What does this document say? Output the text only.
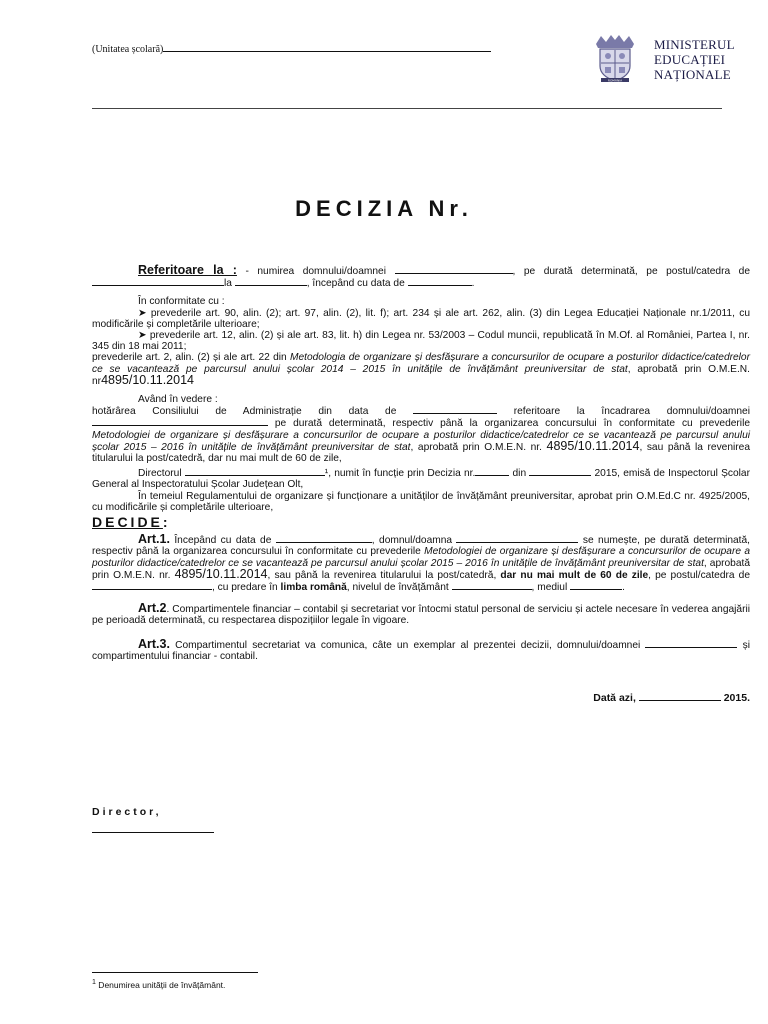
(Unitatea școlară)
ROMÂNIA
MINISTERUL
EDUCAȚIEI
NAȚIONALE
DECIZIA Nr.

Referitoare la : - numirea domnului/doamnei	, pe durată determinată, pe postul/catedra de la	, începând cu data de	.

În conformitate cu :

➤ prevederile art. 90, alin. (2); art. 97, alin. (2), lit. f); art. 234 și ale art. 262, alin. (3) din Legea Educației Naționale nr.1/2011, cu modificările și completările ulterioare;

➤ prevederile art. 12, alin. (2) și ale art. 83, lit. h) din Legea nr. 53/2003 – Codul muncii, republicată în M.Of. al României, Partea I, nr. 345 din 18 mai 2011;

prevederile art. 2, alin. (2) și ale art. 22 din Metodologia de organizare și desfășurare a concursurilor de ocupare a posturilor didactice/catedrelor ce se vacantează pe parcursul anului școlar 2014 – 2015 în unitățile de învățământ preuniversitar de stat, aprobată prin O.M.E.N. nr4895/10.11.2014

Având în vedere :

hotărârea Consiliului de Administrație din data de	referitoare la încadrarea domnului/doamnei  pe durată determinată, respectiv până la organizarea concursului în conformitate cu prevederile Metodologiei de organizare și desfășurare a concursurilor de ocupare a posturilor didactice/catedrelor ce se vacantează pe parcursul anului școlar 2015 – 2016 în unitățile de învățământ preuniversitar de stat, aprobată prin O.M.E.N. nr. 4895/10.11.2014, sau până la revenirea titularului la post/catedră, dar nu mai mult de 60 de zile,

Directorul	¹, numit în funcție prin Decizia nr.	din	2015, emisă de Inspectorul Școlar General al Inspectoratului Școlar Județean Olt,

În temeiul Regulamentului de organizare și funcționare a unităților de învățământ preuniversitar, aprobat prin O.M.Ed.C nr. 4925/2005, cu modificările și completările ulterioare,

DECIDE:

Art.1. Începând cu data de	, domnul/doamna	se numește, pe durată determinată, respectiv până la organizarea concursului în conformitate cu prevederile Metodologiei de organizare și desfășurare a concursurilor de ocupare a posturilor didactice/catedrelor ce se vacantează pe parcursul anului școlar 2015 – 2016 în unitățile de învățământ preuniversitar de stat, aprobată prin O.M.E.N. nr. 4895/10.11.2014, sau până la revenirea titularului la post/catedră, dar nu mai mult de 60 de zile, pe postul/catedra de , cu predare în limba română, nivelul de învățământ	, mediul	.

Art.2. Compartimentele financiar – contabil și secretariat vor întocmi statul personal de serviciu și actele necesare în vederea angajării pe perioadă determinată, cu respectarea dispozițiilor legale în vigoare.

Art.3. Compartimentul secretariat va comunica, câte un exemplar al prezentei decizii, domnului/doamnei	și compartimentului financiar - contabil.

Dată azi,	2015.

Director,
$^1$ Denumirea unității de învățământ.
